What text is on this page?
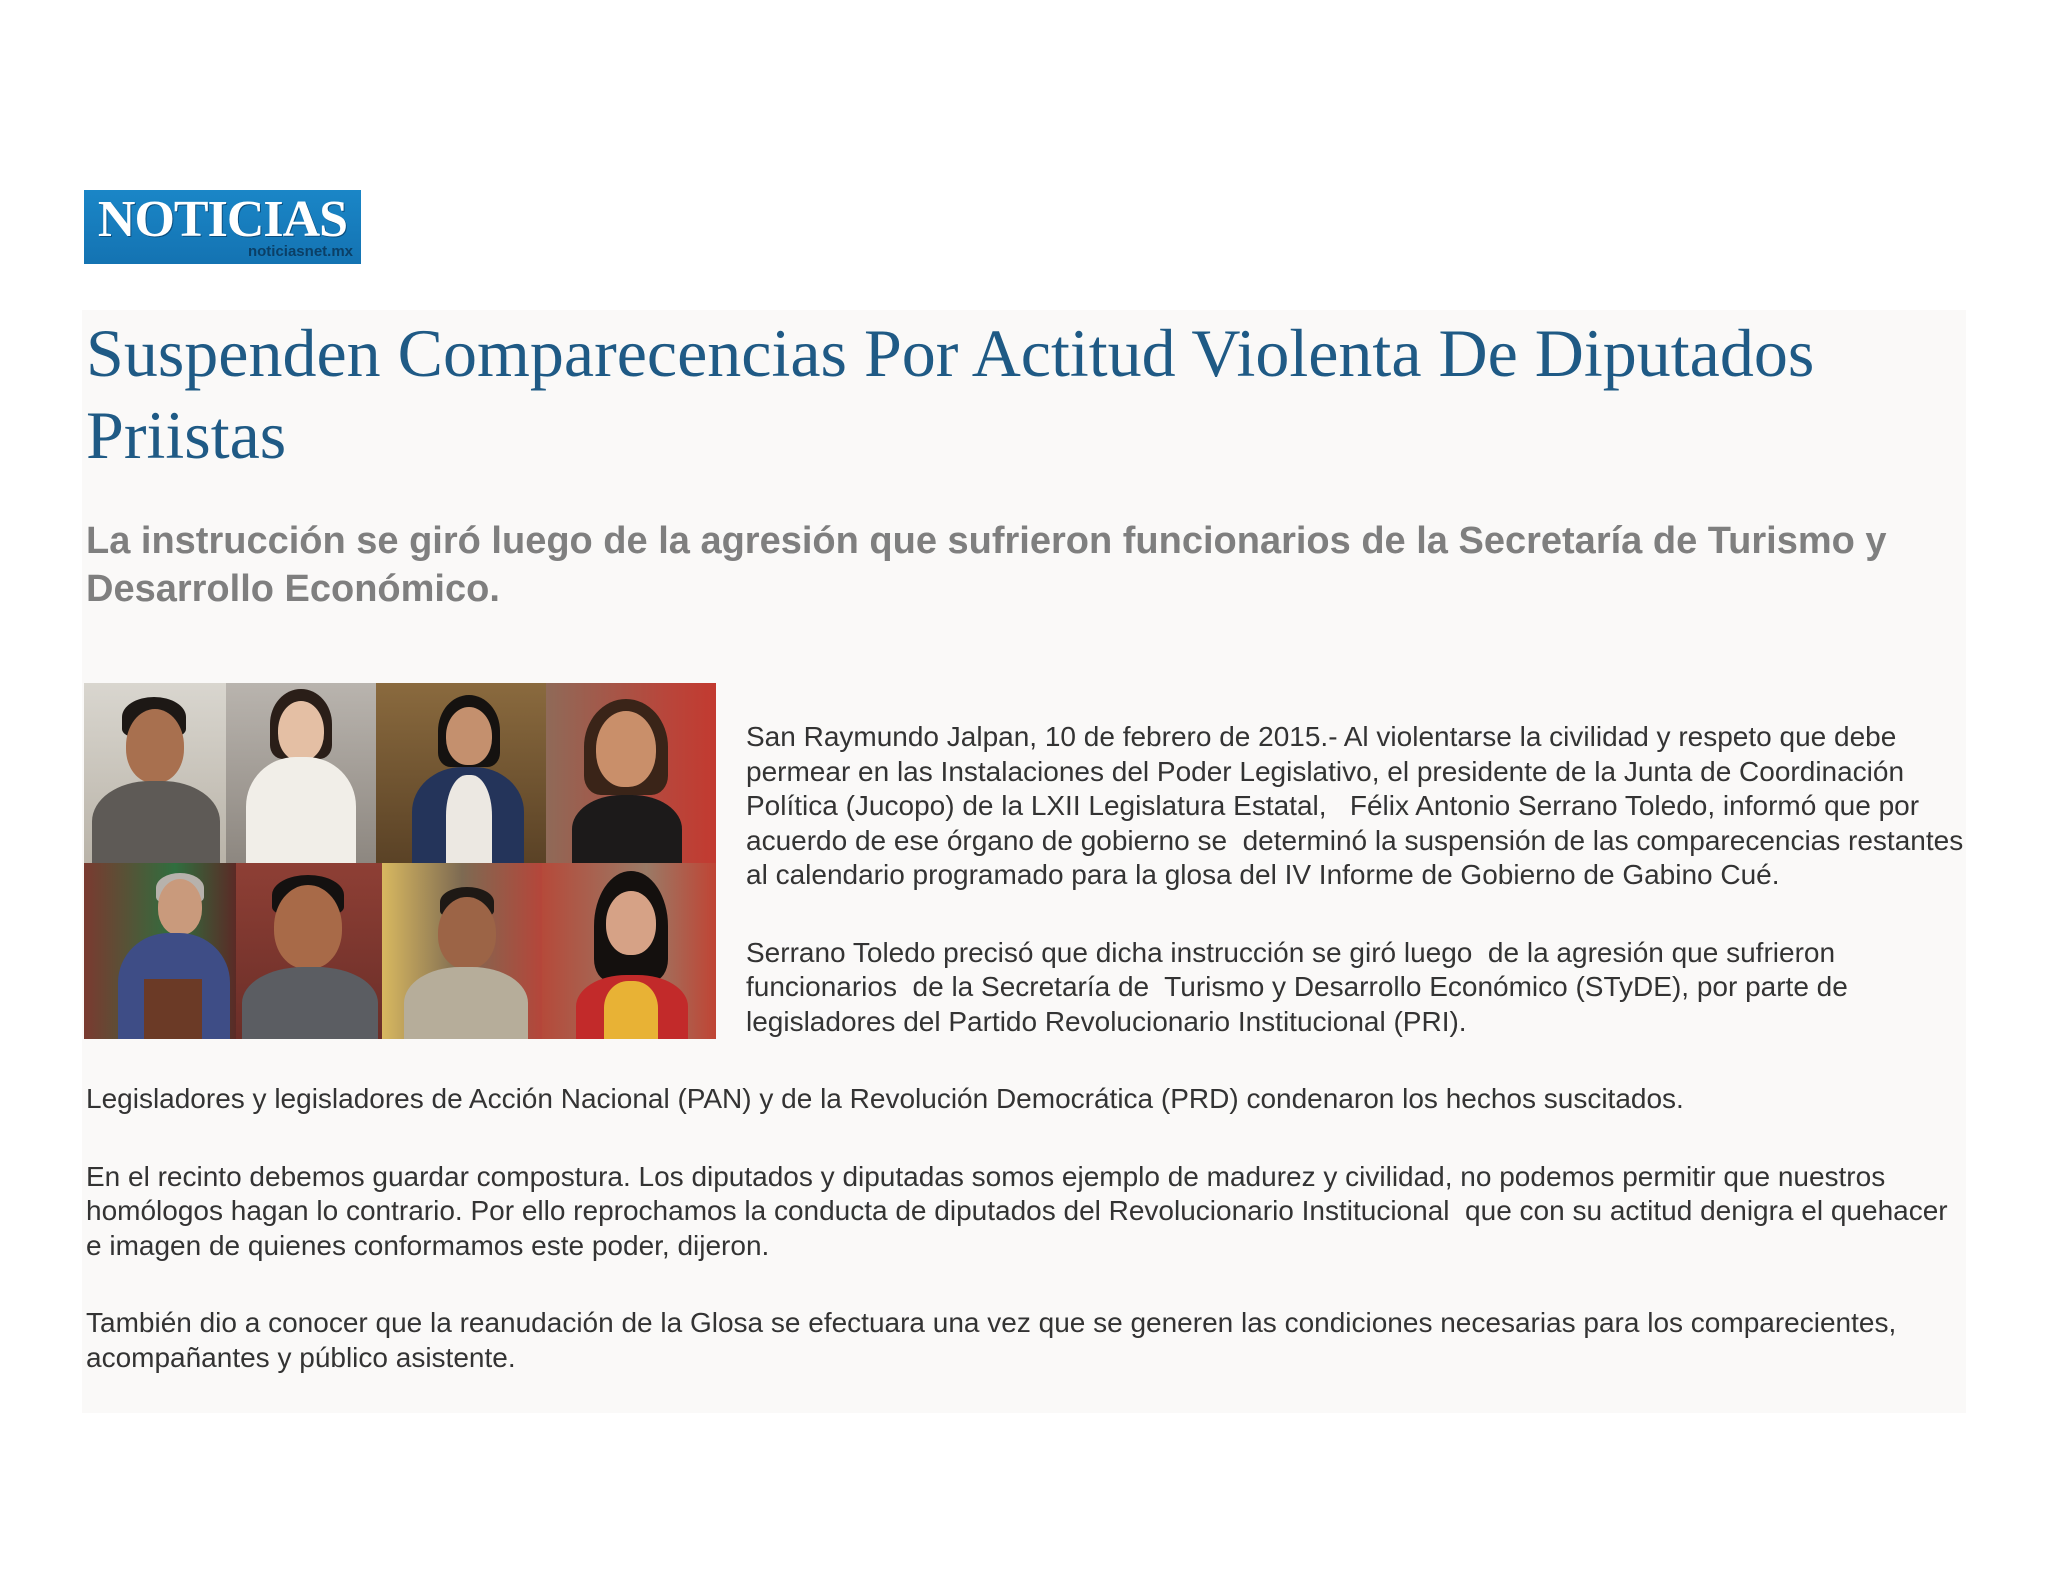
NOTICIAS
noticiasnet.mx
Suspenden Comparecencias Por Actitud Violenta De Diputados Priistas
La instrucción se giró luego de la agresión que sufrieron funcionarios de la Secretaría de Turismo y Desarrollo Económico.

San Raymundo Jalpan, 10 de febrero de 2015.- Al violentarse la civilidad y respeto que debe permear en las Instalaciones del Poder Legislativo, el presidente de la Junta de Coordinación Política (Jucopo) de la LXII Legislatura Estatal,   Félix Antonio Serrano Toledo, informó que por acuerdo de ese órgano de gobierno se  determinó la suspensión de las comparecencias restantes al calendario programado para la glosa del IV Informe de Gobierno de Gabino Cué.

Serrano Toledo precisó que dicha instrucción se giró luego  de la agresión que sufrieron funcionarios  de la Secretaría de  Turismo y Desarrollo Económico (STyDE), por parte de legisladores del Partido Revolucionario Institucional (PRI).

Legisladores y legisladores de Acción Nacional (PAN) y de la Revolución Democrática (PRD) condenaron los hechos suscitados.

En el recinto debemos guardar compostura. Los diputados y diputadas somos ejemplo de madurez y civilidad, no podemos permitir que nuestros homólogos hagan lo contrario. Por ello reprochamos la conducta de diputados del Revolucionario Institucional  que con su actitud denigra el quehacer e imagen de quienes conformamos este poder, dijeron.

También dio a conocer que la reanudación de la Glosa se efectuara una vez que se generen las condiciones necesarias para los comparecientes, acompañantes y público asistente.
